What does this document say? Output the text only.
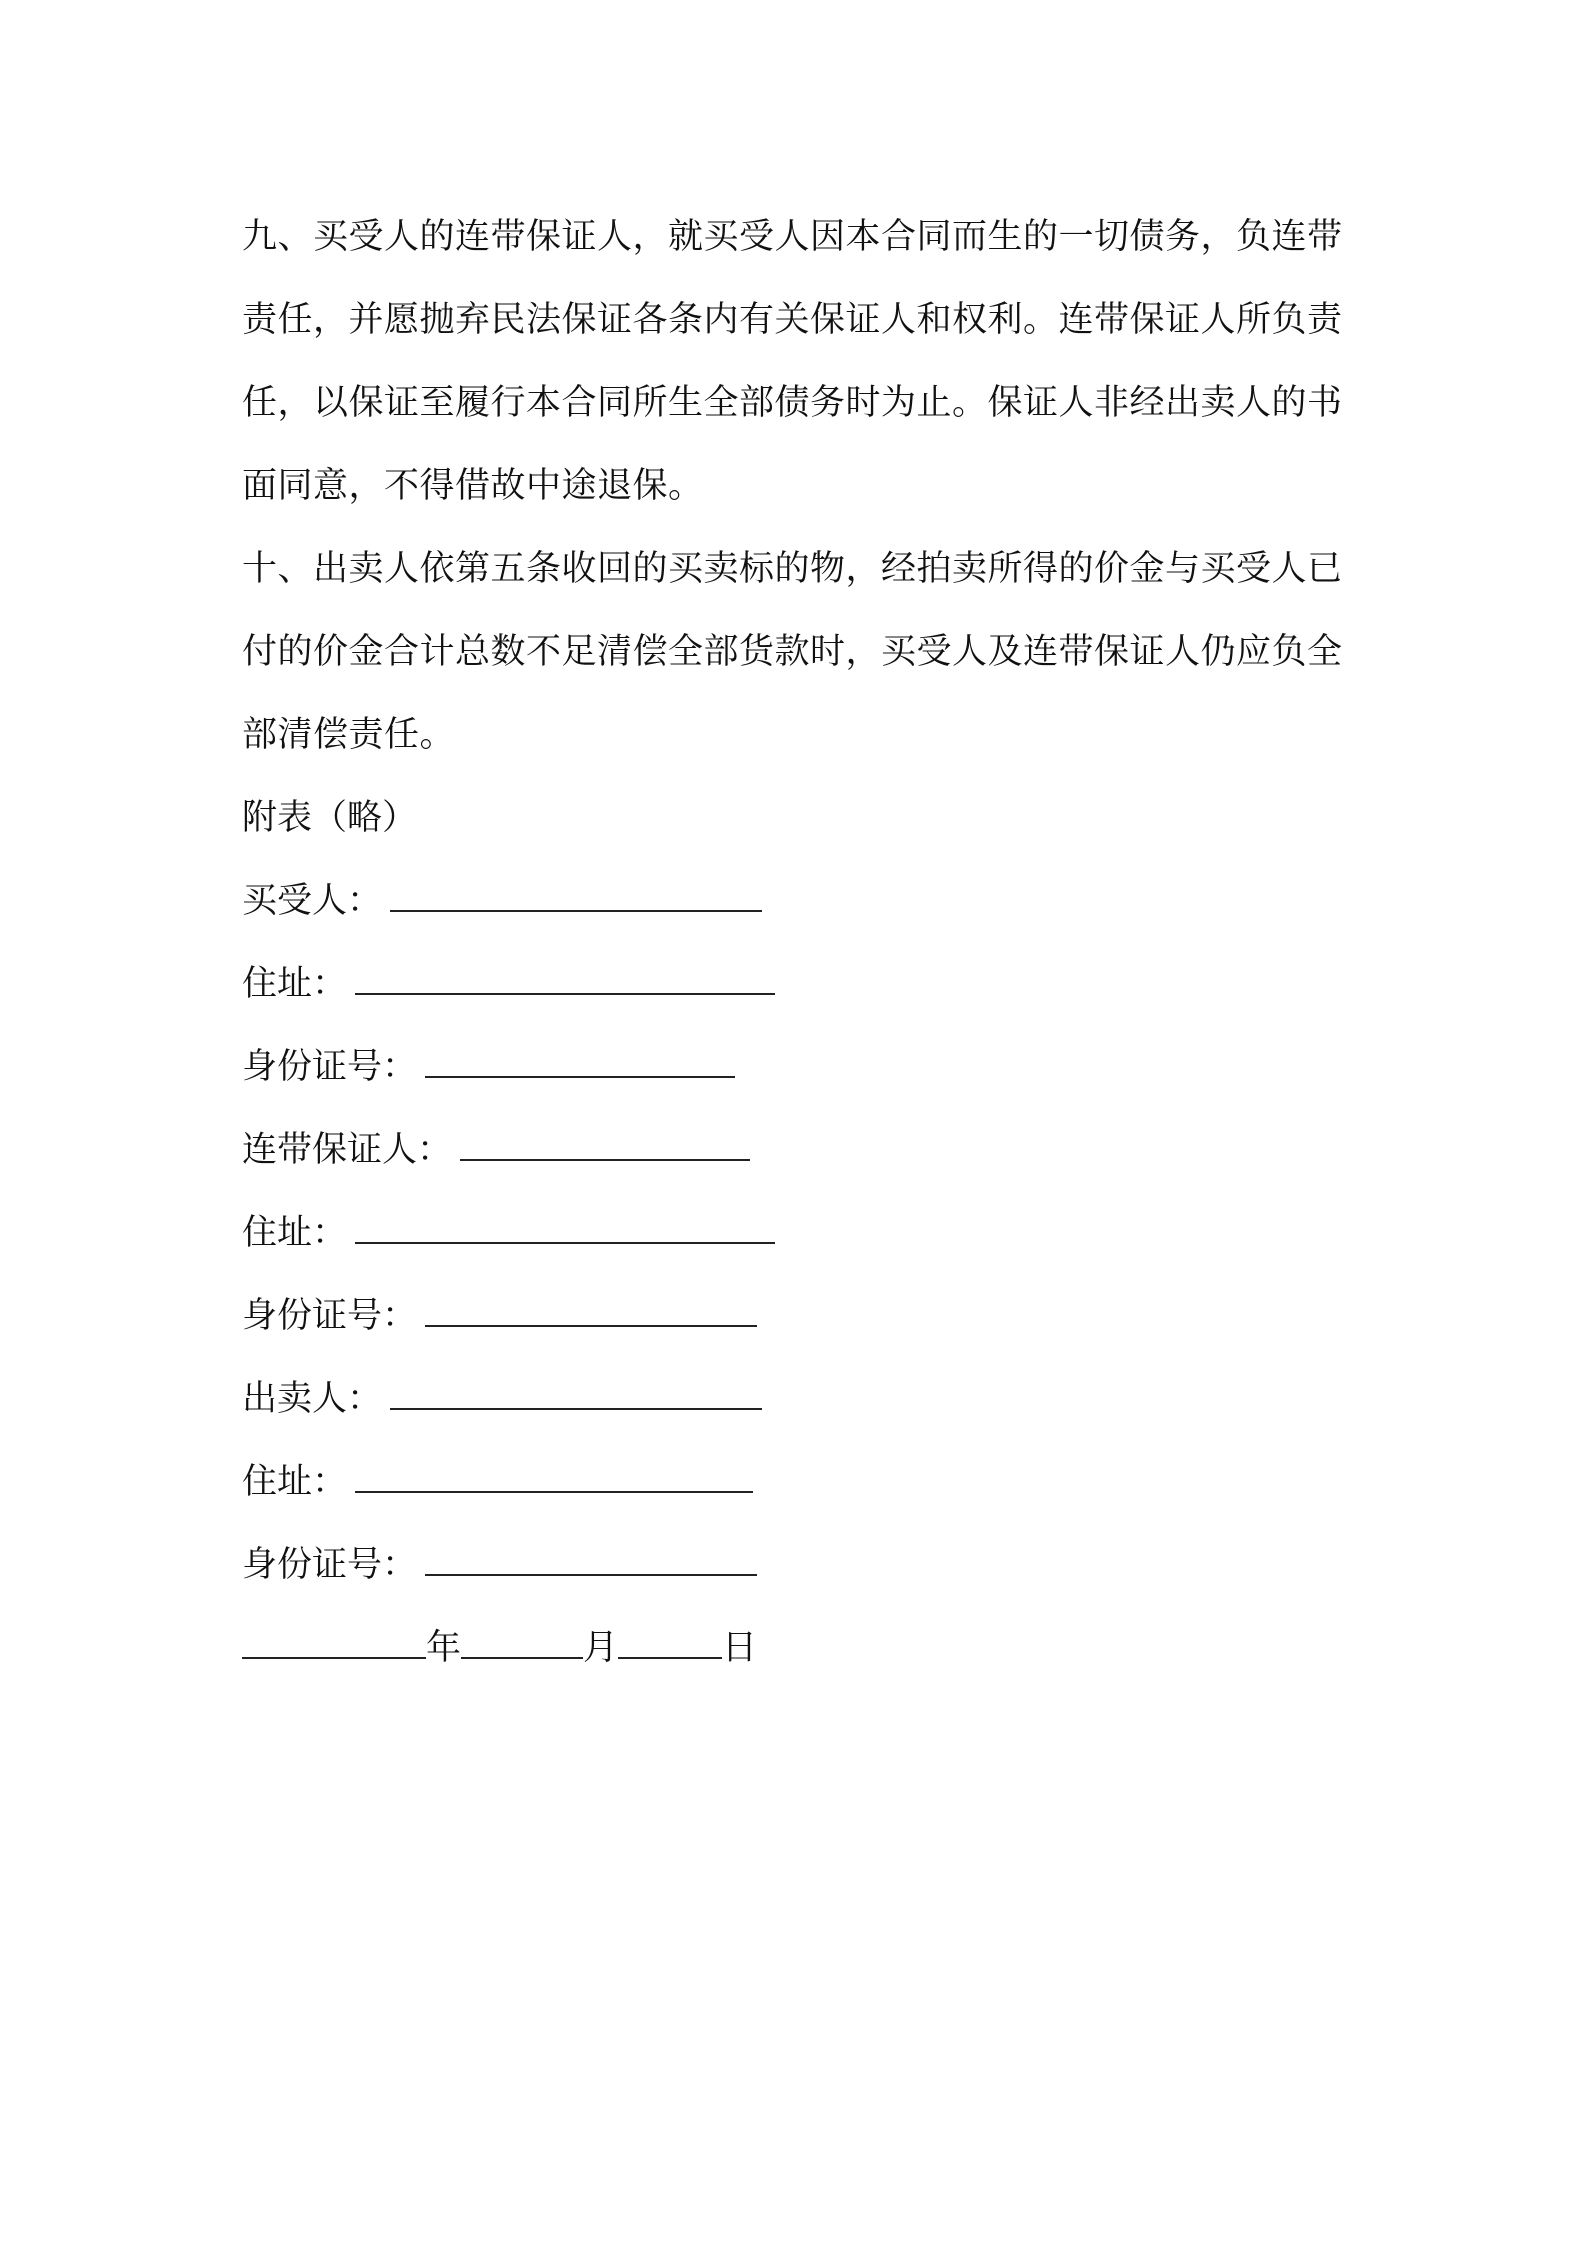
九、买受人的连带保证人，就买受人因本合同而生的一切债务，负连带责任，并愿抛弃民法保证各条内有关保证人和权利。连带保证人所负责任，以保证至履行本合同所生全部债务时为止。保证人非经出卖人的书面同意，不得借故中途退保。

十、出卖人依第五条收回的买卖标的物，经拍卖所得的价金与买受人已付的价金合计总数不足清偿全部货款时，买受人及连带保证人仍应负全部清偿责任。

附表（略）
买受人：
住址：
身份证号：
连带保证人：
住址：
身份证号：
出卖人：
住址：
身份证号：
年	月	日
